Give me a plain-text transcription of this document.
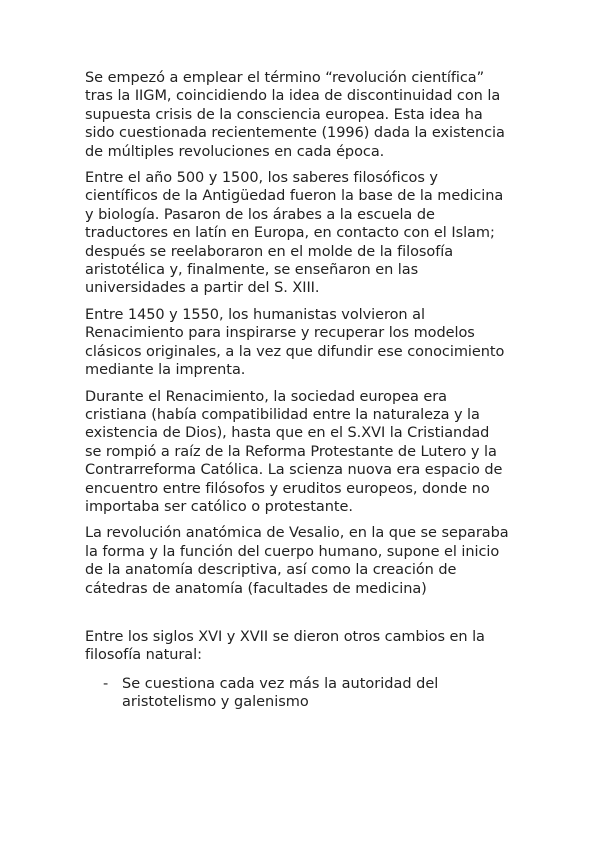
Se empezó a emplear el término “revolución científica” tras la IIGM, coincidiendo la idea de discontinuidad con la supuesta crisis de la consciencia europea. Esta idea ha sido cuestionada recientemente (1996) dada la existencia de múltiples revoluciones en cada época.

Entre el año 500 y 1500, los saberes filosóficos y científicos de la Antigüedad fueron la base de la medicina y biología. Pasaron de los árabes a la escuela de traductores en latín en Europa, en contacto con el Islam; después se reelaboraron en el molde de la filosofía aristotélica y, finalmente, se enseñaron en las universidades a partir del S. XIII.

Entre 1450 y 1550, los humanistas volvieron al Renacimiento para inspirarse y recuperar los modelos clásicos originales, a la vez que difundir ese conocimiento mediante la imprenta.

Durante el Renacimiento, la sociedad europea era cristiana (había compatibilidad entre la naturaleza y la existencia de Dios), hasta que en el S.XVI la Cristiandad se rompió a raíz de la Reforma Protestante de Lutero y la Contrarreforma Católica. La scienza nuova era espacio de encuentro entre filósofos y eruditos europeos, donde no importaba ser católico o protestante.

La revolución anatómica de Vesalio, en la que se separaba la forma y la función del cuerpo humano, supone el inicio de la anatomía descriptiva, así como la creación de cátedras de anatomía (facultades de medicina)

Entre los siglos XVI y XVII se dieron otros cambios en la filosofía natural:

- Se cuestiona cada vez más la autoridad del aristotelismo y galenismo
